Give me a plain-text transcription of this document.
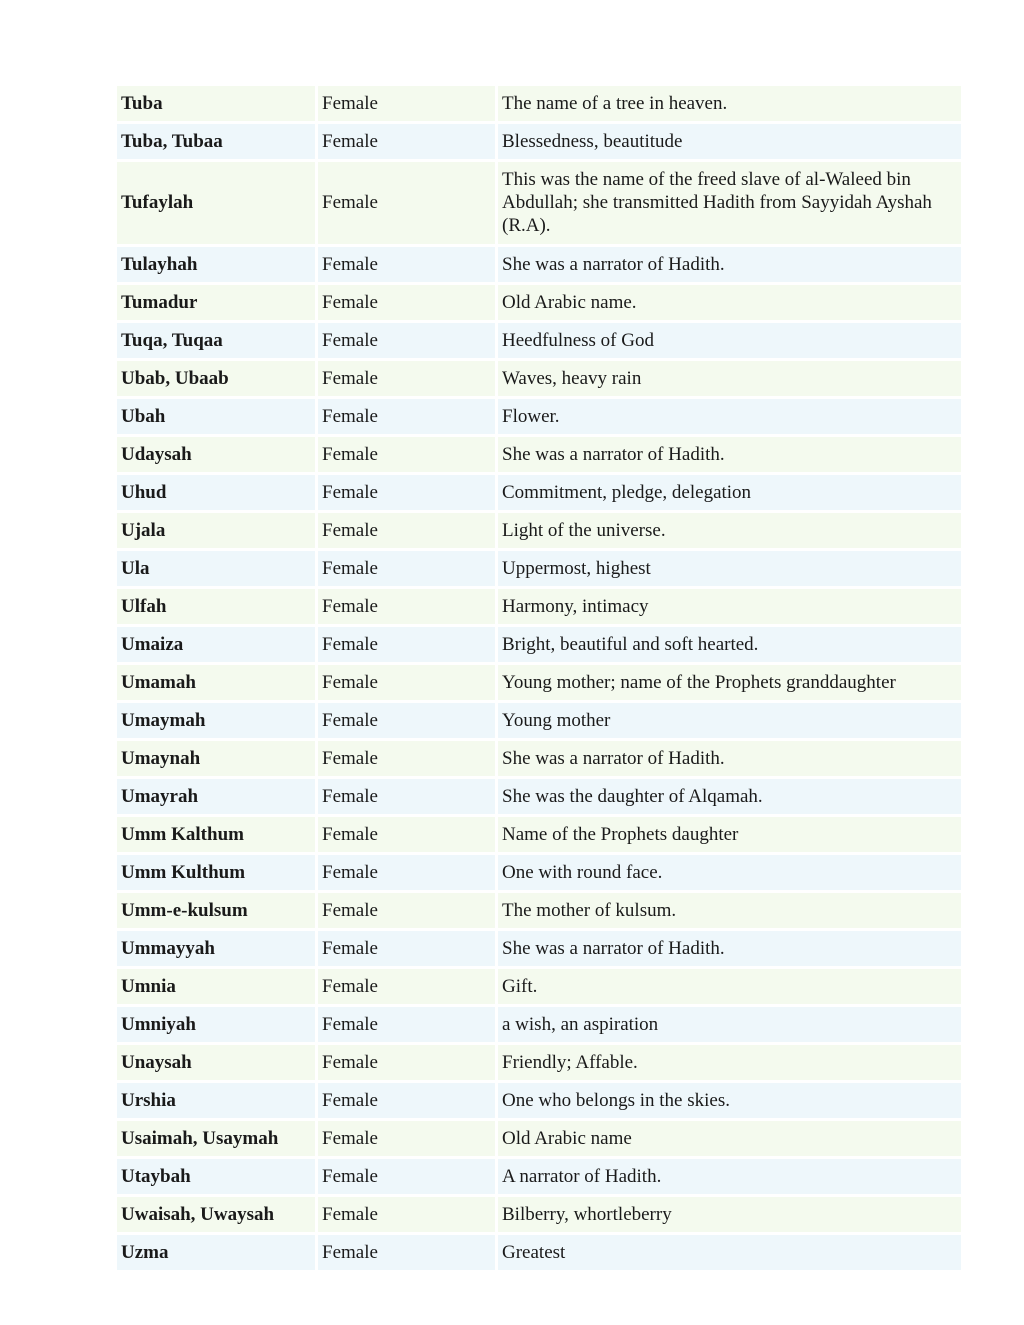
Tuba	Female	The name of a tree in heaven.
Tuba, Tubaa	Female	Blessedness, beautitude
Tufaylah	Female	This was the name of the freed slave of al-Waleed bin Abdullah; she transmitted Hadith from Sayyidah Ayshah (R.A).
Tulayhah	Female	She was a narrator of Hadith.
Tumadur	Female	Old Arabic name.
Tuqa, Tuqaa	Female	Heedfulness of God
Ubab, Ubaab	Female	Waves, heavy rain
Ubah	Female	Flower.
Udaysah	Female	She was a narrator of Hadith.
Uhud	Female	Commitment, pledge, delegation
Ujala	Female	Light of the universe.
Ula	Female	Uppermost, highest
Ulfah	Female	Harmony, intimacy
Umaiza	Female	Bright, beautiful and soft hearted.
Umamah	Female	Young mother; name of the Prophets granddaughter
Umaymah	Female	Young mother
Umaynah	Female	She was a narrator of Hadith.
Umayrah	Female	She was the daughter of Alqamah.
Umm Kalthum	Female	Name of the Prophets daughter
Umm Kulthum	Female	One with round face.
Umm-e-kulsum	Female	The mother of kulsum.
Ummayyah	Female	She was a narrator of Hadith.
Umnia	Female	Gift.
Umniyah	Female	a wish, an aspiration
Unaysah	Female	Friendly; Affable.
Urshia	Female	One who belongs in the skies.
Usaimah, Usaymah	Female	Old Arabic name
Utaybah	Female	A narrator of Hadith.
Uwaisah, Uwaysah	Female	Bilberry, whortleberry
Uzma	Female	Greatest
